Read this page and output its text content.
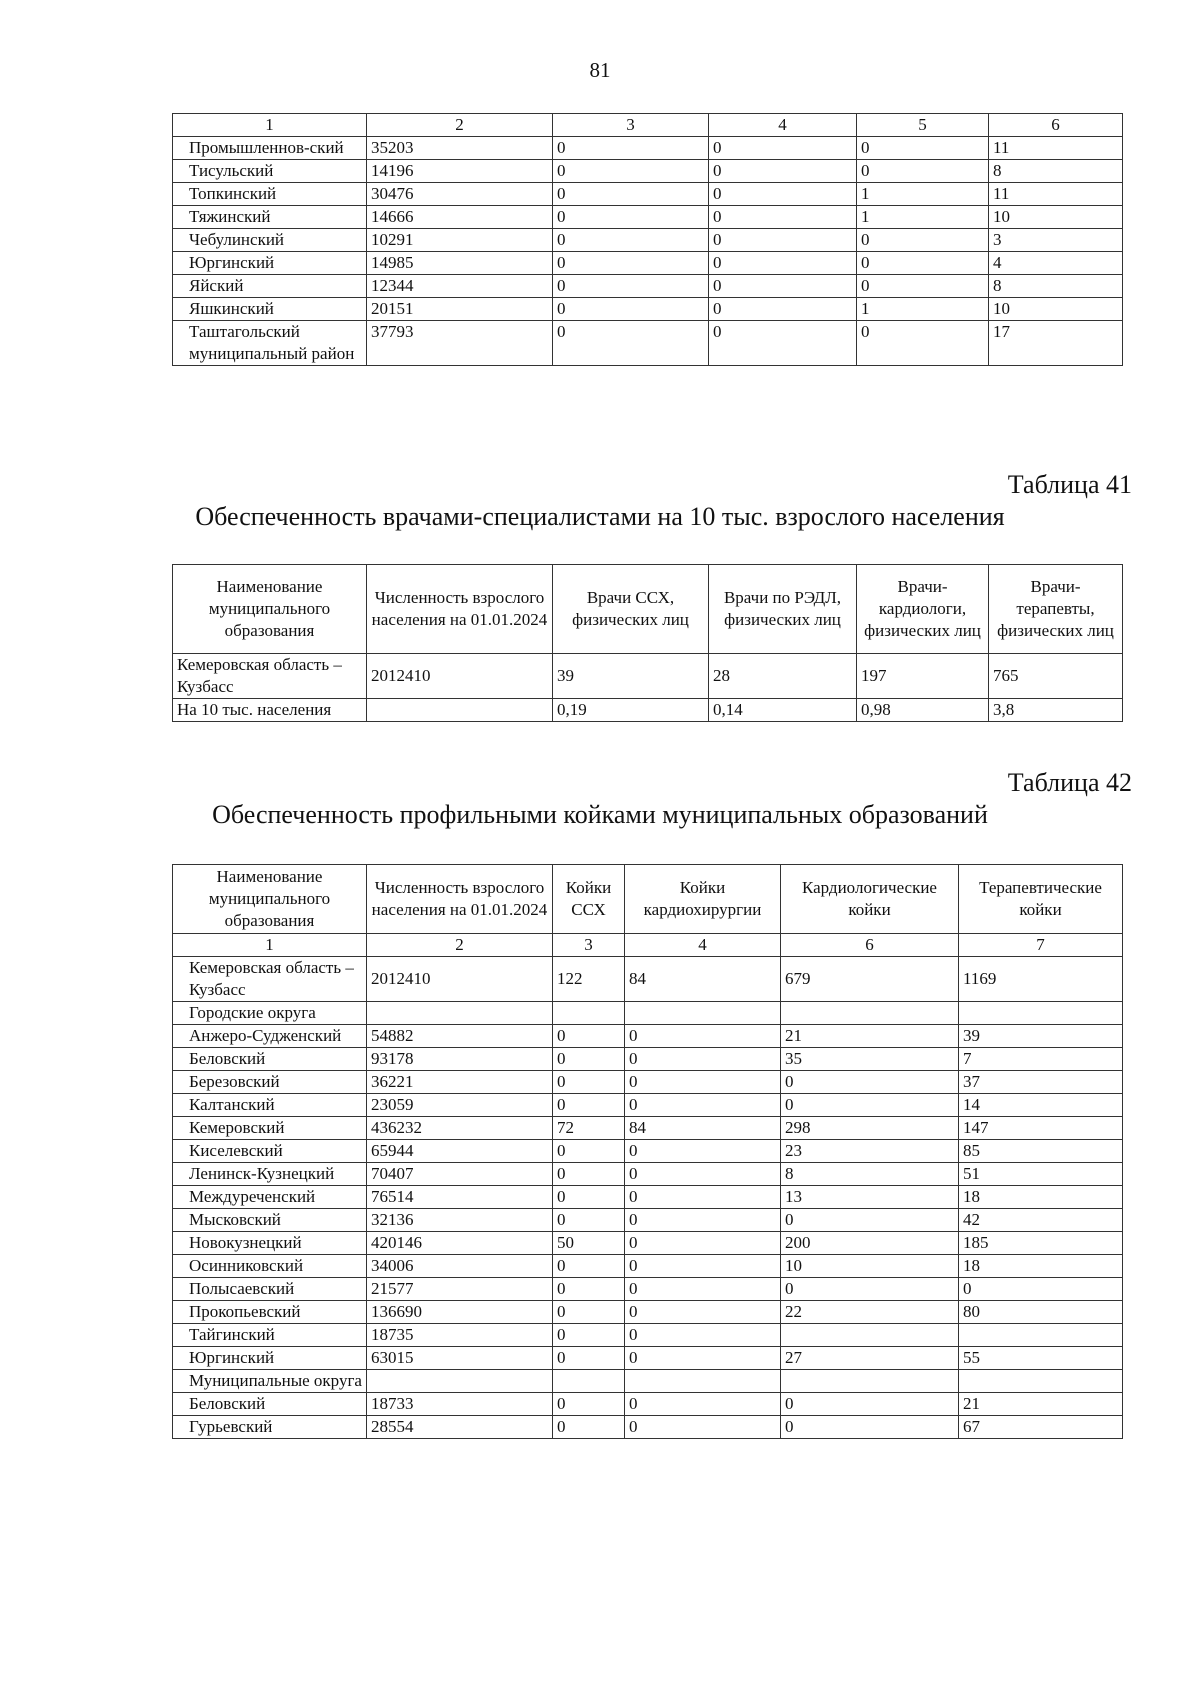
81
1	2	3	4	5	6
Промышленнов-ский	35203	0	0	0	11
Тисульский	14196	0	0	0	8
Топкинский	30476	0	0	1	11
Тяжинский	14666	0	0	1	10
Чебулинский	10291	0	0	0	3
Юргинский	14985	0	0	0	4
Яйский	12344	0	0	0	8
Яшкинский	20151	0	0	1	10
Таштагольский муниципальный район	37793	0	0	0	17
Таблица 41
Обеспеченность врачами-специалистами на 10 тыс. взрослого населения
Наименование муниципального образования	Численность взрослого населения на 01.01.2024	Врачи ССХ, физических лиц	Врачи по РЭДЛ, физических лиц	Врачи-кардиологи, физических лиц	Врачи-терапевты, физических лиц
Кемеровская область – Кузбасс	2012410	39	28	197	765
На 10 тыс. населения		0,19	0,14	0,98	3,8
Таблица 42
Обеспеченность профильными койками муниципальных образований
Наименование муниципального образования	Численность взрослого населения на 01.01.2024	Койки ССХ	Койки кардиохирургии	Кардиологические койки	Терапевтические койки
1	2	3	4	6	7
Кемеровская область – Кузбасс	2012410	122	84	679	1169
Городские округа					
Анжеро-Судженский	54882	0	0	21	39
Беловский	93178	0	0	35	7
Березовский	36221	0	0	0	37
Калтанский	23059	0	0	0	14
Кемеровский	436232	72	84	298	147
Киселевский	65944	0	0	23	85
Ленинск-Кузнецкий	70407	0	0	8	51
Междуреченский	76514	0	0	13	18
Мысковский	32136	0	0	0	42
Новокузнецкий	420146	50	0	200	185
Осинниковский	34006	0	0	10	18
Полысаевский	21577	0	0	0	0
Прокопьевский	136690	0	0	22	80
Тайгинский	18735	0	0		
Юргинский	63015	0	0	27	55
Муниципальные округа					
Беловский	18733	0	0	0	21
Гурьевский	28554	0	0	0	67
